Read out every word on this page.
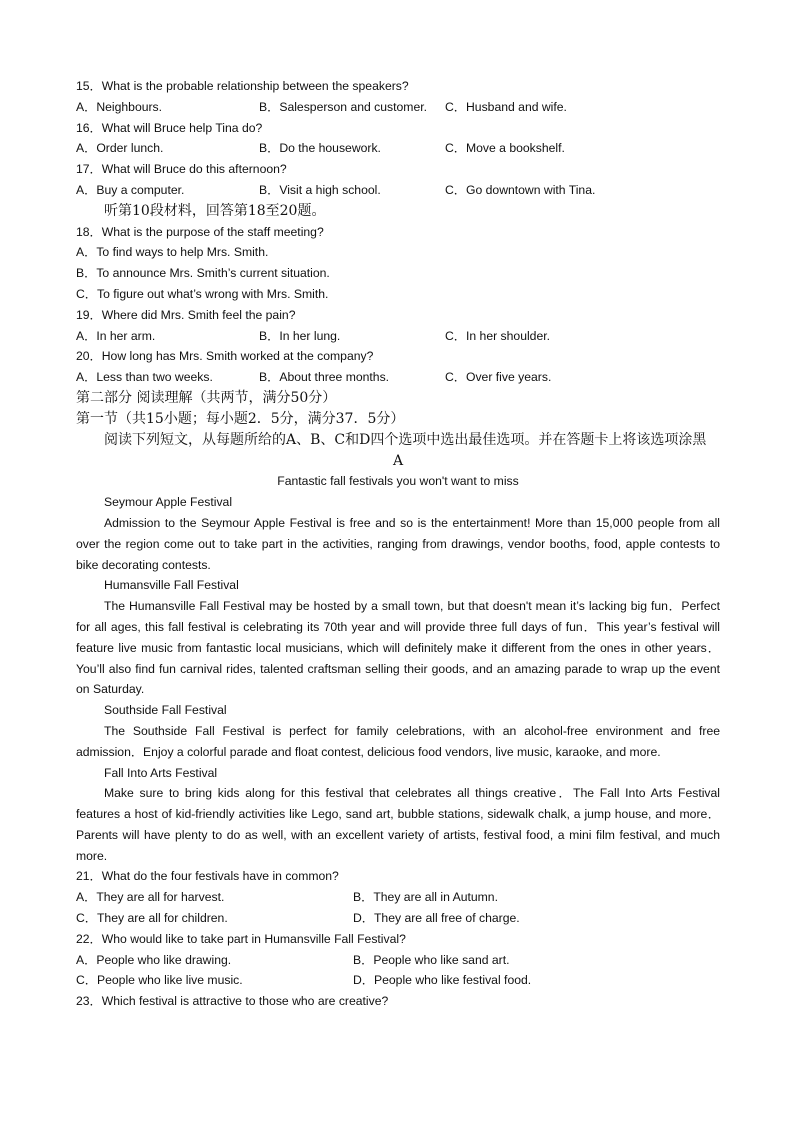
15．What is the probable relationship between the speakers?
A．Neighbours.	B．Salesperson and customer.	C．Husband and wife.
16．What will Bruce help Tina do?
A．Order lunch.	B．Do the housework.	C．Move a bookshelf.
17．What will Bruce do this afternoon?
A．Buy a computer.	B．Visit a high school.	C．Go downtown with Tina.
听第10段材料，回答第18至20题。
18．What is the purpose of the staff meeting?
A．To find ways to help Mrs. Smith.
B．To announce Mrs. Smith’s current situation.
C．To figure out what’s wrong with Mrs. Smith.
19．Where did Mrs. Smith feel the pain?
A．In her arm.	B．In her lung.	C．In her shoulder.
20．How long has Mrs. Smith worked at the company?
A．Less than two weeks.	B．About three months.	C．Over five years.
第二部分 阅读理解（共两节，满分50分）
第一节（共15小题；每小题2．5分，满分37．5分）
阅读下列短文，从每题所给的A、B、C和D四个选项中选出最佳选项。并在答题卡上将该选项涂黑
A
Fantastic fall festivals you won't want to miss
Seymour Apple Festival
Admission to the Seymour Apple Festival is free and so is the entertainment! More than 15,000 people from all over the region come out to take part in the activities, ranging from drawings, vendor booths, food, apple contests to bike decorating contests.
Humansville Fall Festival
The Humansville Fall Festival may be hosted by a small town, but that doesn't mean it’s lacking big fun．Perfect for all ages, this fall festival is celebrating its 70th year and will provide three full days of fun．This year’s festival will feature live music from fantastic local musicians, which will definitely make it different from the ones in other years．You’ll also find fun carnival rides, talented craftsman selling their goods, and an amazing parade to wrap up the event on Saturday.
Southside Fall Festival
The Southside Fall Festival is perfect for family celebrations, with an alcohol-free environment and free admission．Enjoy a colorful parade and float contest, delicious food vendors, live music, karaoke, and more.
Fall Into Arts Festival
Make sure to bring kids along for this festival that celebrates all things creative．The Fall Into Arts Festival features a host of kid-friendly activities like Lego, sand art, bubble stations, sidewalk chalk, a jump house, and more．Parents will have plenty to do as well, with an excellent variety of artists, festival food, a mini film festival, and much more.
21．What do the four festivals have in common?
A．They are all for harvest.	B．They are all in Autumn.
C．They are all for children.	D．They are all free of charge.
22．Who would like to take part in Humansville Fall Festival?
A．People who like drawing.	B．People who like sand art.
C．People who like live music.	D．People who like festival food.
23．Which festival is attractive to those who are creative?
